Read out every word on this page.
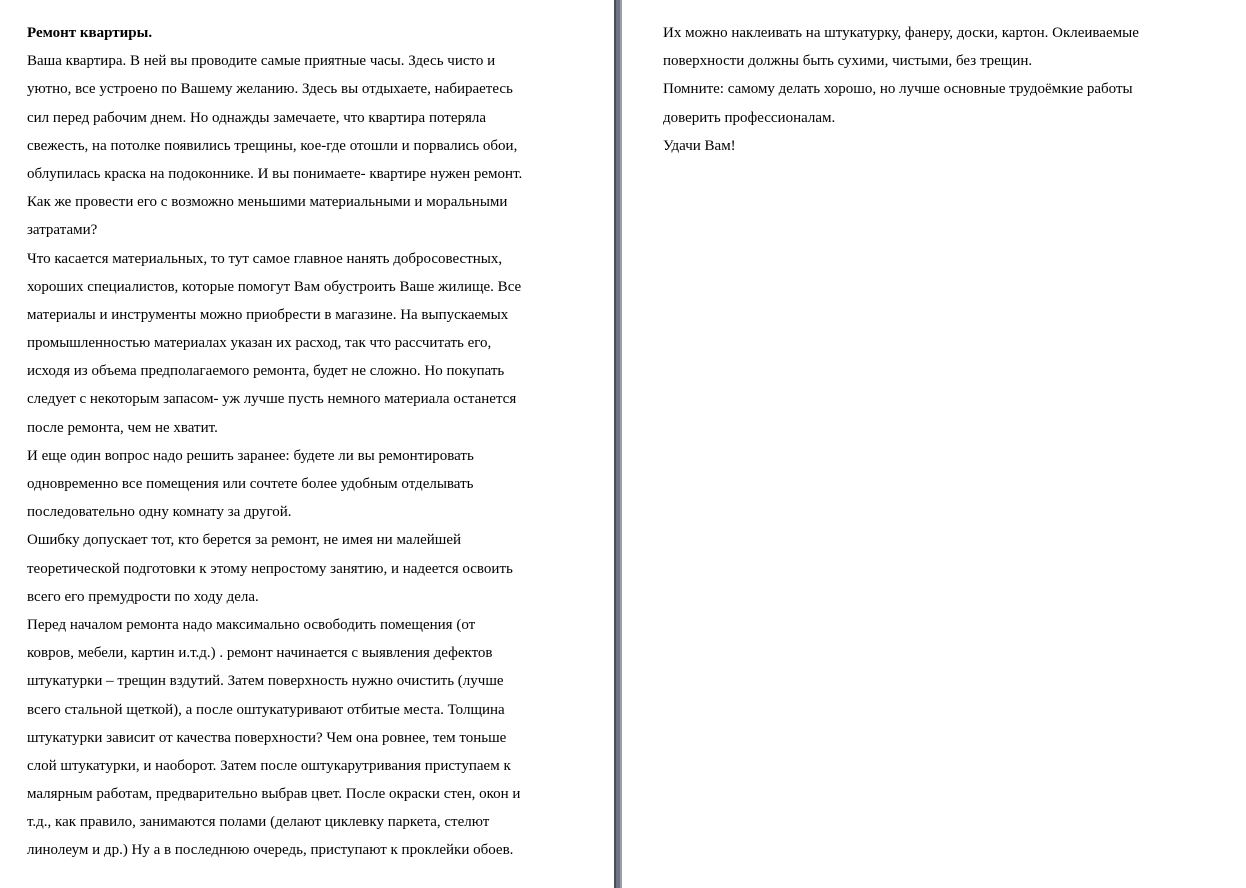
Ремонт квартиры.
Ваша квартира. В ней вы проводите самые приятные часы. Здесь чисто и
уютно, все устроено по Вашему желанию. Здесь вы отдыхаете, набираетесь
сил перед рабочим днем. Но однажды замечаете, что квартира потеряла
свежесть, на потолке появились трещины, кое-где отошли и порвались обои,
облупилась краска на подоконнике. И вы понимаете- квартире нужен ремонт.
Как же провести его с возможно меньшими материальными и моральными
затратами?
Что касается материальных, то тут самое главное нанять добросовестных,
хороших специалистов, которые помогут Вам обустроить Ваше жилище. Все
материалы и инструменты можно приобрести в магазине. На выпускаемых
промышленностью материалах указан их расход, так что рассчитать его,
исходя из объема предполагаемого ремонта, будет не сложно. Но покупать
следует с некоторым запасом- уж лучше пусть немного материала останется
после ремонта, чем не хватит.
И еще один вопрос надо решить заранее: будете ли вы ремонтировать
одновременно все помещения или сочтете более удобным отделывать
последовательно одну комнату за другой.
Ошибку допускает тот, кто берется за ремонт, не имея ни малейшей
теоретической подготовки к этому непростому занятию, и надеется освоить
всего его премудрости по ходу дела.
Перед началом ремонта надо максимально освободить помещения (от
ковров, мебели, картин и.т.д.) . ремонт начинается с выявления дефектов
штукатурки – трещин вздутий. Затем поверхность нужно очистить (лучше
всего стальной щеткой), а после оштукатуривают отбитые места. Толщина
штукатурки зависит от качества поверхности? Чем она ровнее, тем тоньше
слой штукатурки, и наоборот. Затем после оштукарутривания приступаем к
малярным работам, предварительно выбрав цвет. После окраски стен, окон и
т.д., как правило, занимаются полами (делают циклевку паркета, стелют
линолеум и др.) Ну а в последнюю очередь, приступают к проклейки обоев.
Их можно наклеивать на штукатурку, фанеру, доски, картон. Оклеиваемые
поверхности должны быть сухими, чистыми, без трещин.
Помните: самому делать хорошо, но лучше основные трудоёмкие работы
доверить профессионалам.
Удачи Вам!
